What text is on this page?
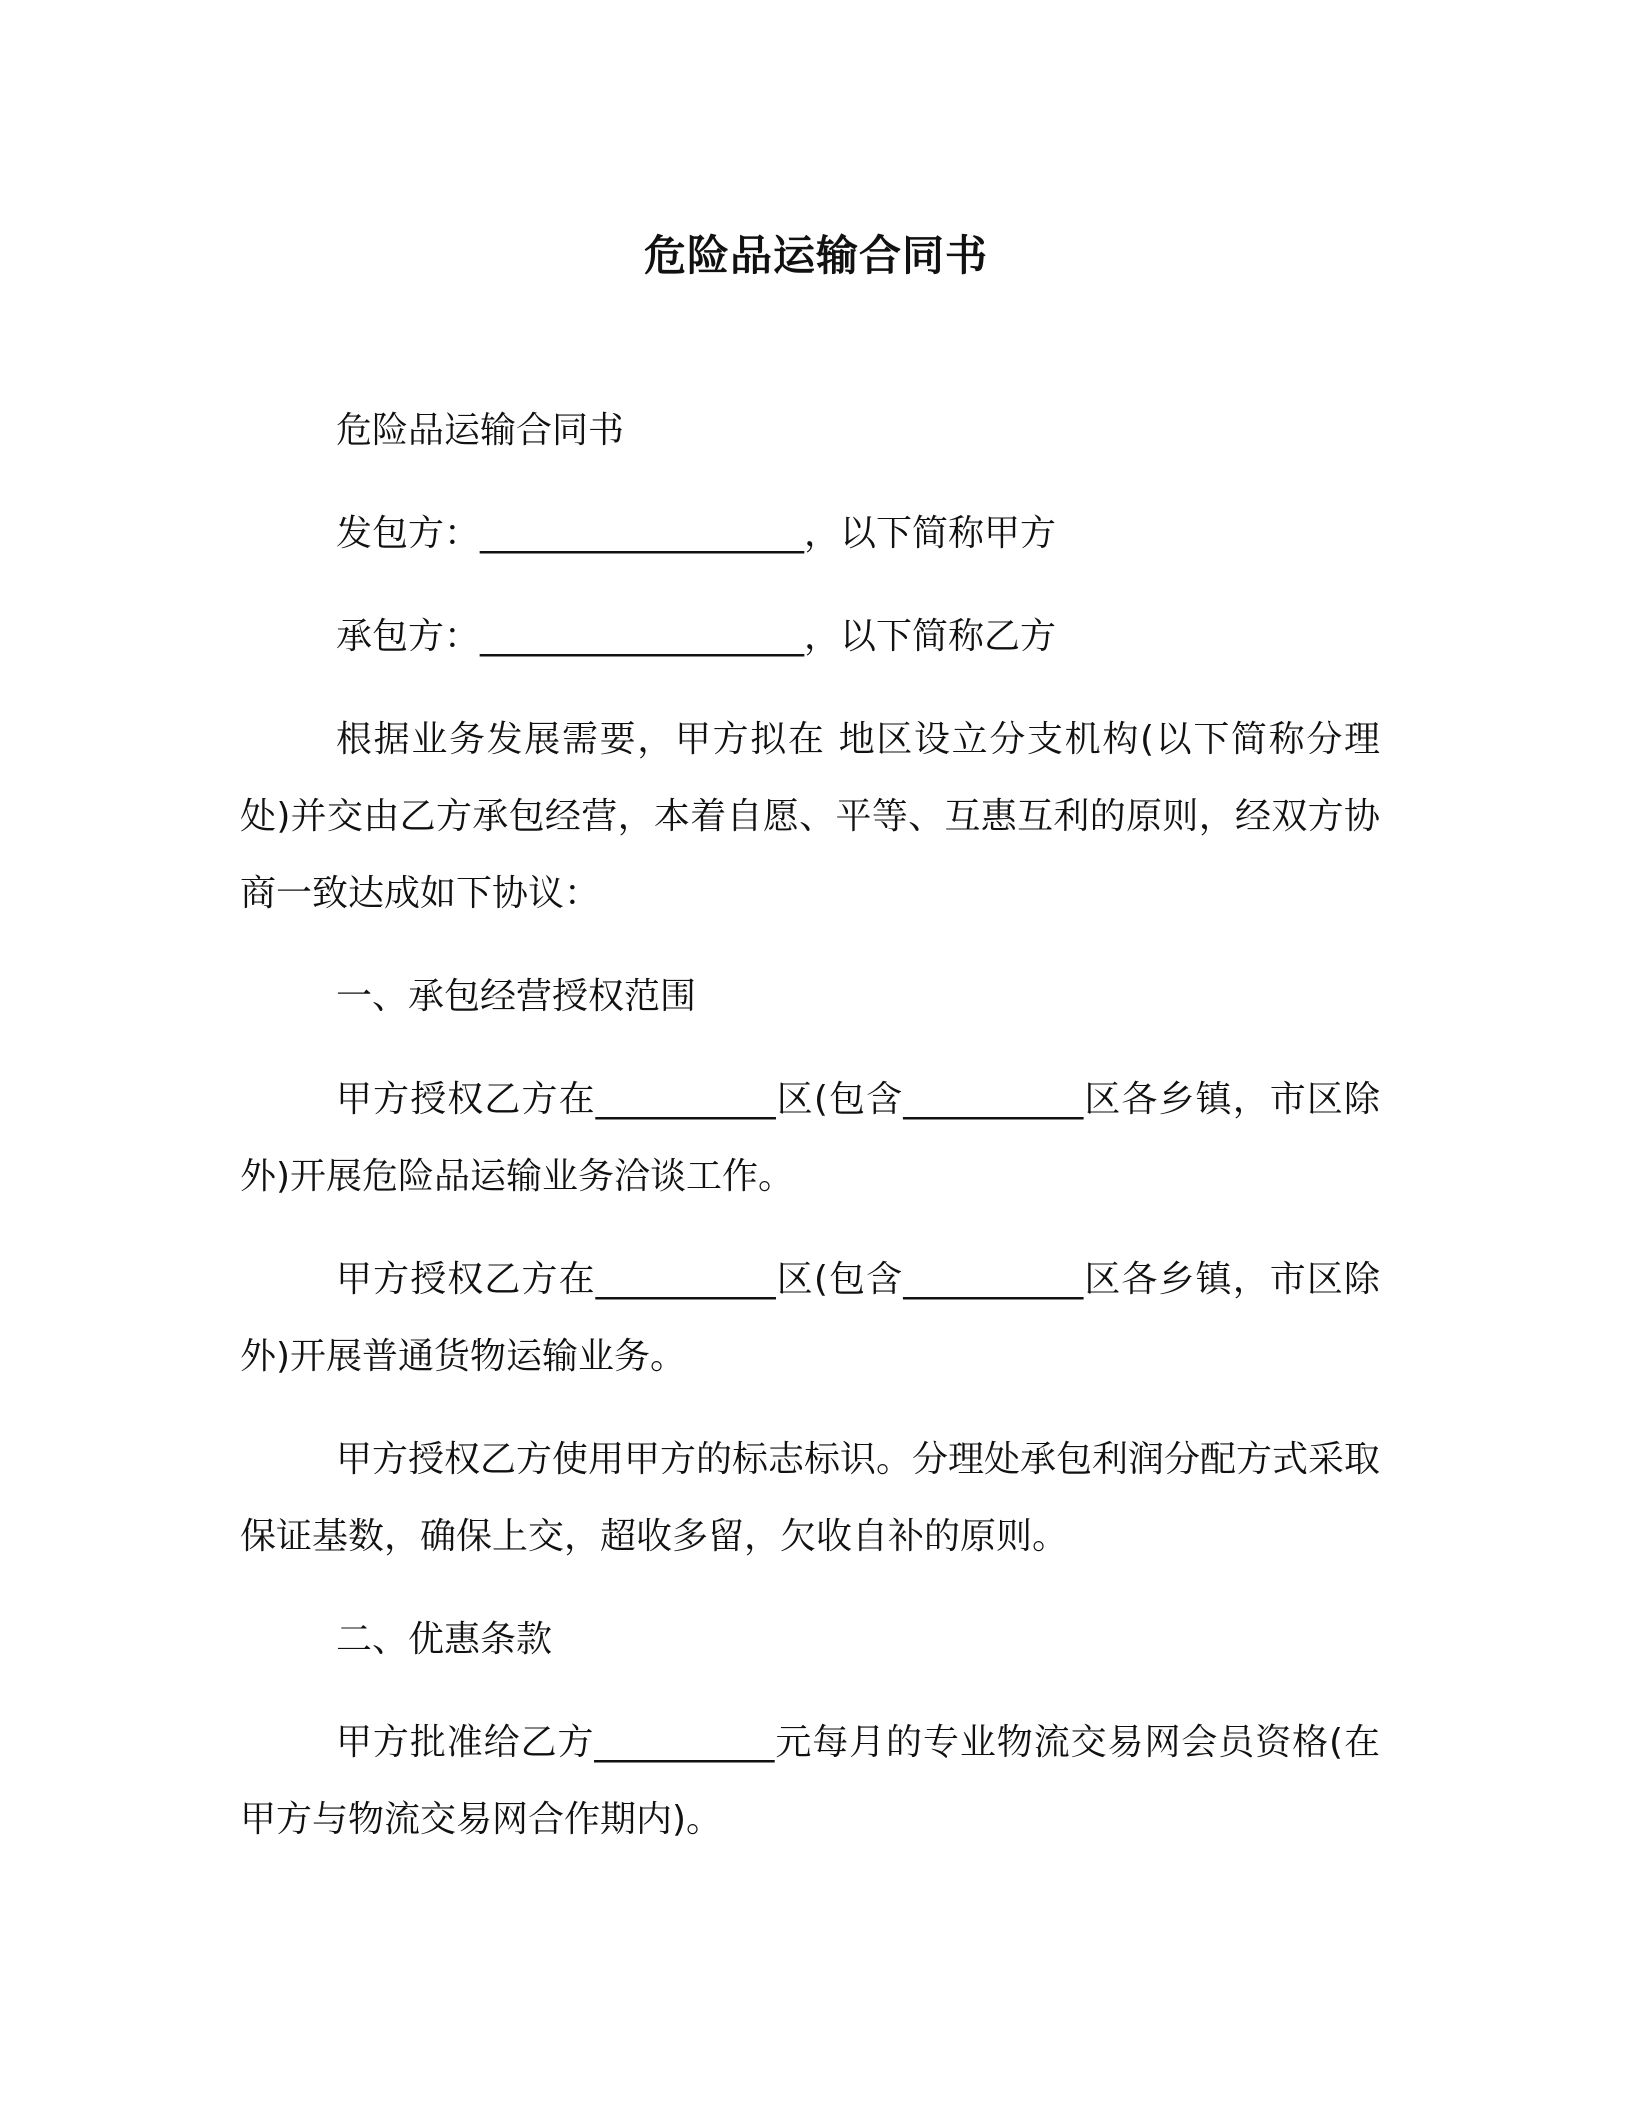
危险品运输合同书

危险品运输合同书

发包方：__________________，以下简称甲方

承包方：__________________，以下简称乙方

根据业务发展需要，甲方拟在 地区设立分支机构(以下简称分理处)并交由乙方承包经营，本着自愿、平等、互惠互利的原则，经双方协商一致达成如下协议：

一、承包经营授权范围

甲方授权乙方在__________区(包含__________区各乡镇，市区除外)开展危险品运输业务洽谈工作。

甲方授权乙方在__________区(包含__________区各乡镇，市区除外)开展普通货物运输业务。

甲方授权乙方使用甲方的标志标识。分理处承包利润分配方式采取保证基数，确保上交，超收多留，欠收自补的原则。

二、优惠条款

甲方批准给乙方__________元每月的专业物流交易网会员资格(在甲方与物流交易网合作期内)。
